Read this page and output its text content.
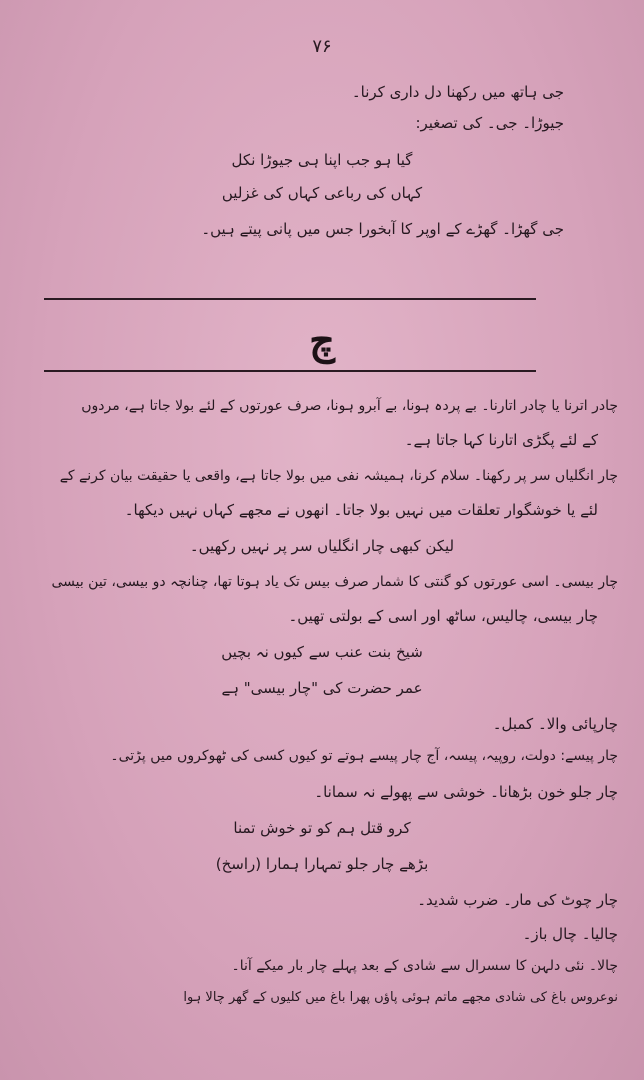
۷۶
جی ہاتھ میں رکھنا دل داری کرنا۔
جیوڑا۔ جی۔ کی تصغیر:
گیا ہو جب اپنا ہی جیوڑا نکل
کہاں کی رباعی کہاں کی غزلیں
جی گھڑا۔ گھڑے کے اوپر کا آبخورا جس میں پانی پیتے ہیں۔
چ
چادر اترنا یا چادر اتارنا۔ بے پردہ ہونا، بے آبرو ہونا، صرف عورتوں کے لئے بولا جاتا ہے، مردوں
کے لئے پگڑی اتارنا کہا جاتا ہے۔
چار انگلیاں سر پر رکھنا۔ سلام کرنا، ہمیشہ نفی میں بولا جاتا ہے، واقعی یا حقیقت بیان کرنے کے
لئے یا خوشگوار تعلقات میں نہیں بولا جاتا۔ انھوں نے مجھے کہاں نہیں دیکھا۔
لیکن کبھی چار انگلیاں سر پر نہیں رکھیں۔
چار بیسی۔ اسی عورتوں کو گنتی کا شمار صرف بیس تک یاد ہوتا تھا، چنانچہ دو بیسی، تین بیسی
چار بیسی، چالیس، ساٹھ اور اسی کے بولتی تھیں۔
شیخ بنت عنب سے کیوں نہ بچیں
عمر حضرت کی "چار بیسی" ہے
چارپائی والا۔ کمبل۔
چار پیسے: دولت، روپیہ، پیسہ، آج چار پیسے ہوتے تو کیوں کسی کی ٹھوکروں میں پڑتی۔
چار جلو خون بڑھانا۔ خوشی سے پھولے نہ سمانا۔
کرو قتل ہم کو تو خوش تمنا
بڑھے چار جلو تمہارا ہمارا (راسخ)
چار چوٹ کی مار۔ ضرب شدید۔
چالیا۔ چال باز۔
چالا۔ نئی دلہن کا سسرال سے شادی کے بعد پہلے چار بار میکے آنا۔
نوعروس باغ کی شادی مجھے ماتم ہوئی پاؤں پھرا باغ میں کلیوں کے گھر چالا ہوا
